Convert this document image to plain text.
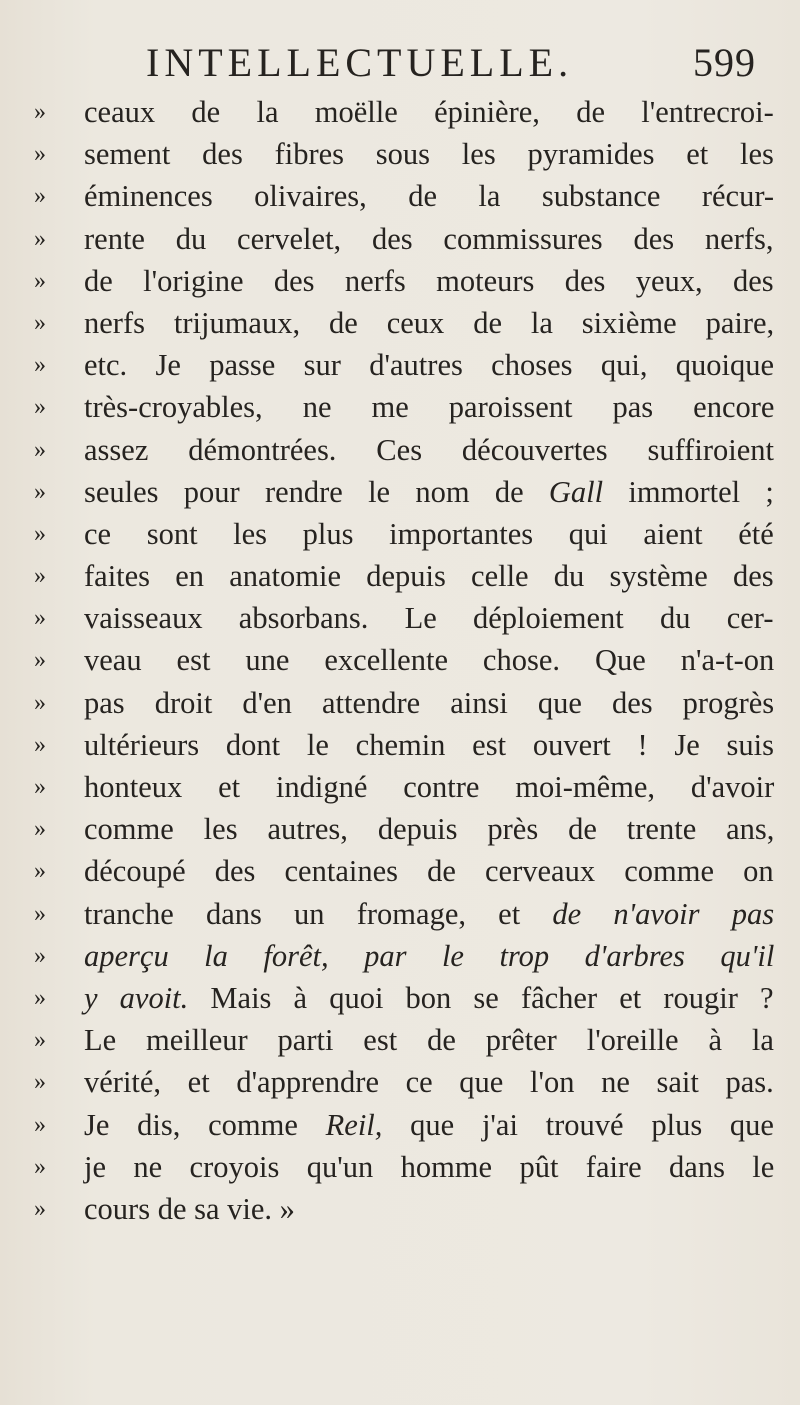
INTELLECTUELLE.	599
»	ceaux de la moëlle épinière, de l'entrecroi-
»	sement des fibres sous les pyramides et les
»	éminences olivaires, de la substance récur-
»	rente du cervelet, des commissures des nerfs,
»	de l'origine des nerfs moteurs des yeux, des
»	nerfs trijumaux, de ceux de la sixième paire,
»	etc. Je passe sur d'autres choses qui, quoique
»	très-croyables, ne me paroissent pas encore
»	assez démontrées. Ces découvertes suffiroient
»	seules pour rendre le nom de Gall immortel ;
»	ce sont les plus importantes qui aient été
»	faites en anatomie depuis celle du système des
»	vaisseaux absorbans. Le déploiement du cer-
»	veau est une excellente chose. Que n'a-t-on
»	pas droit d'en attendre ainsi que des progrès
»	ultérieurs dont le chemin est ouvert ! Je suis
»	honteux et indigné contre moi-même, d'avoir
»	comme les autres, depuis près de trente ans,
»	découpé des centaines de cerveaux comme on
»	tranche dans un fromage, et de n'avoir pas
»	aperçu la forêt, par le trop d'arbres qu'il
»	y avoit. Mais à quoi bon se fâcher et rougir ?
»	Le meilleur parti est de prêter l'oreille à la
»	vérité, et d'apprendre ce que l'on ne sait pas.
»	Je dis, comme Reil, que j'ai trouvé plus que
»	je ne croyois qu'un homme pût faire dans le
»	cours de sa vie. »
